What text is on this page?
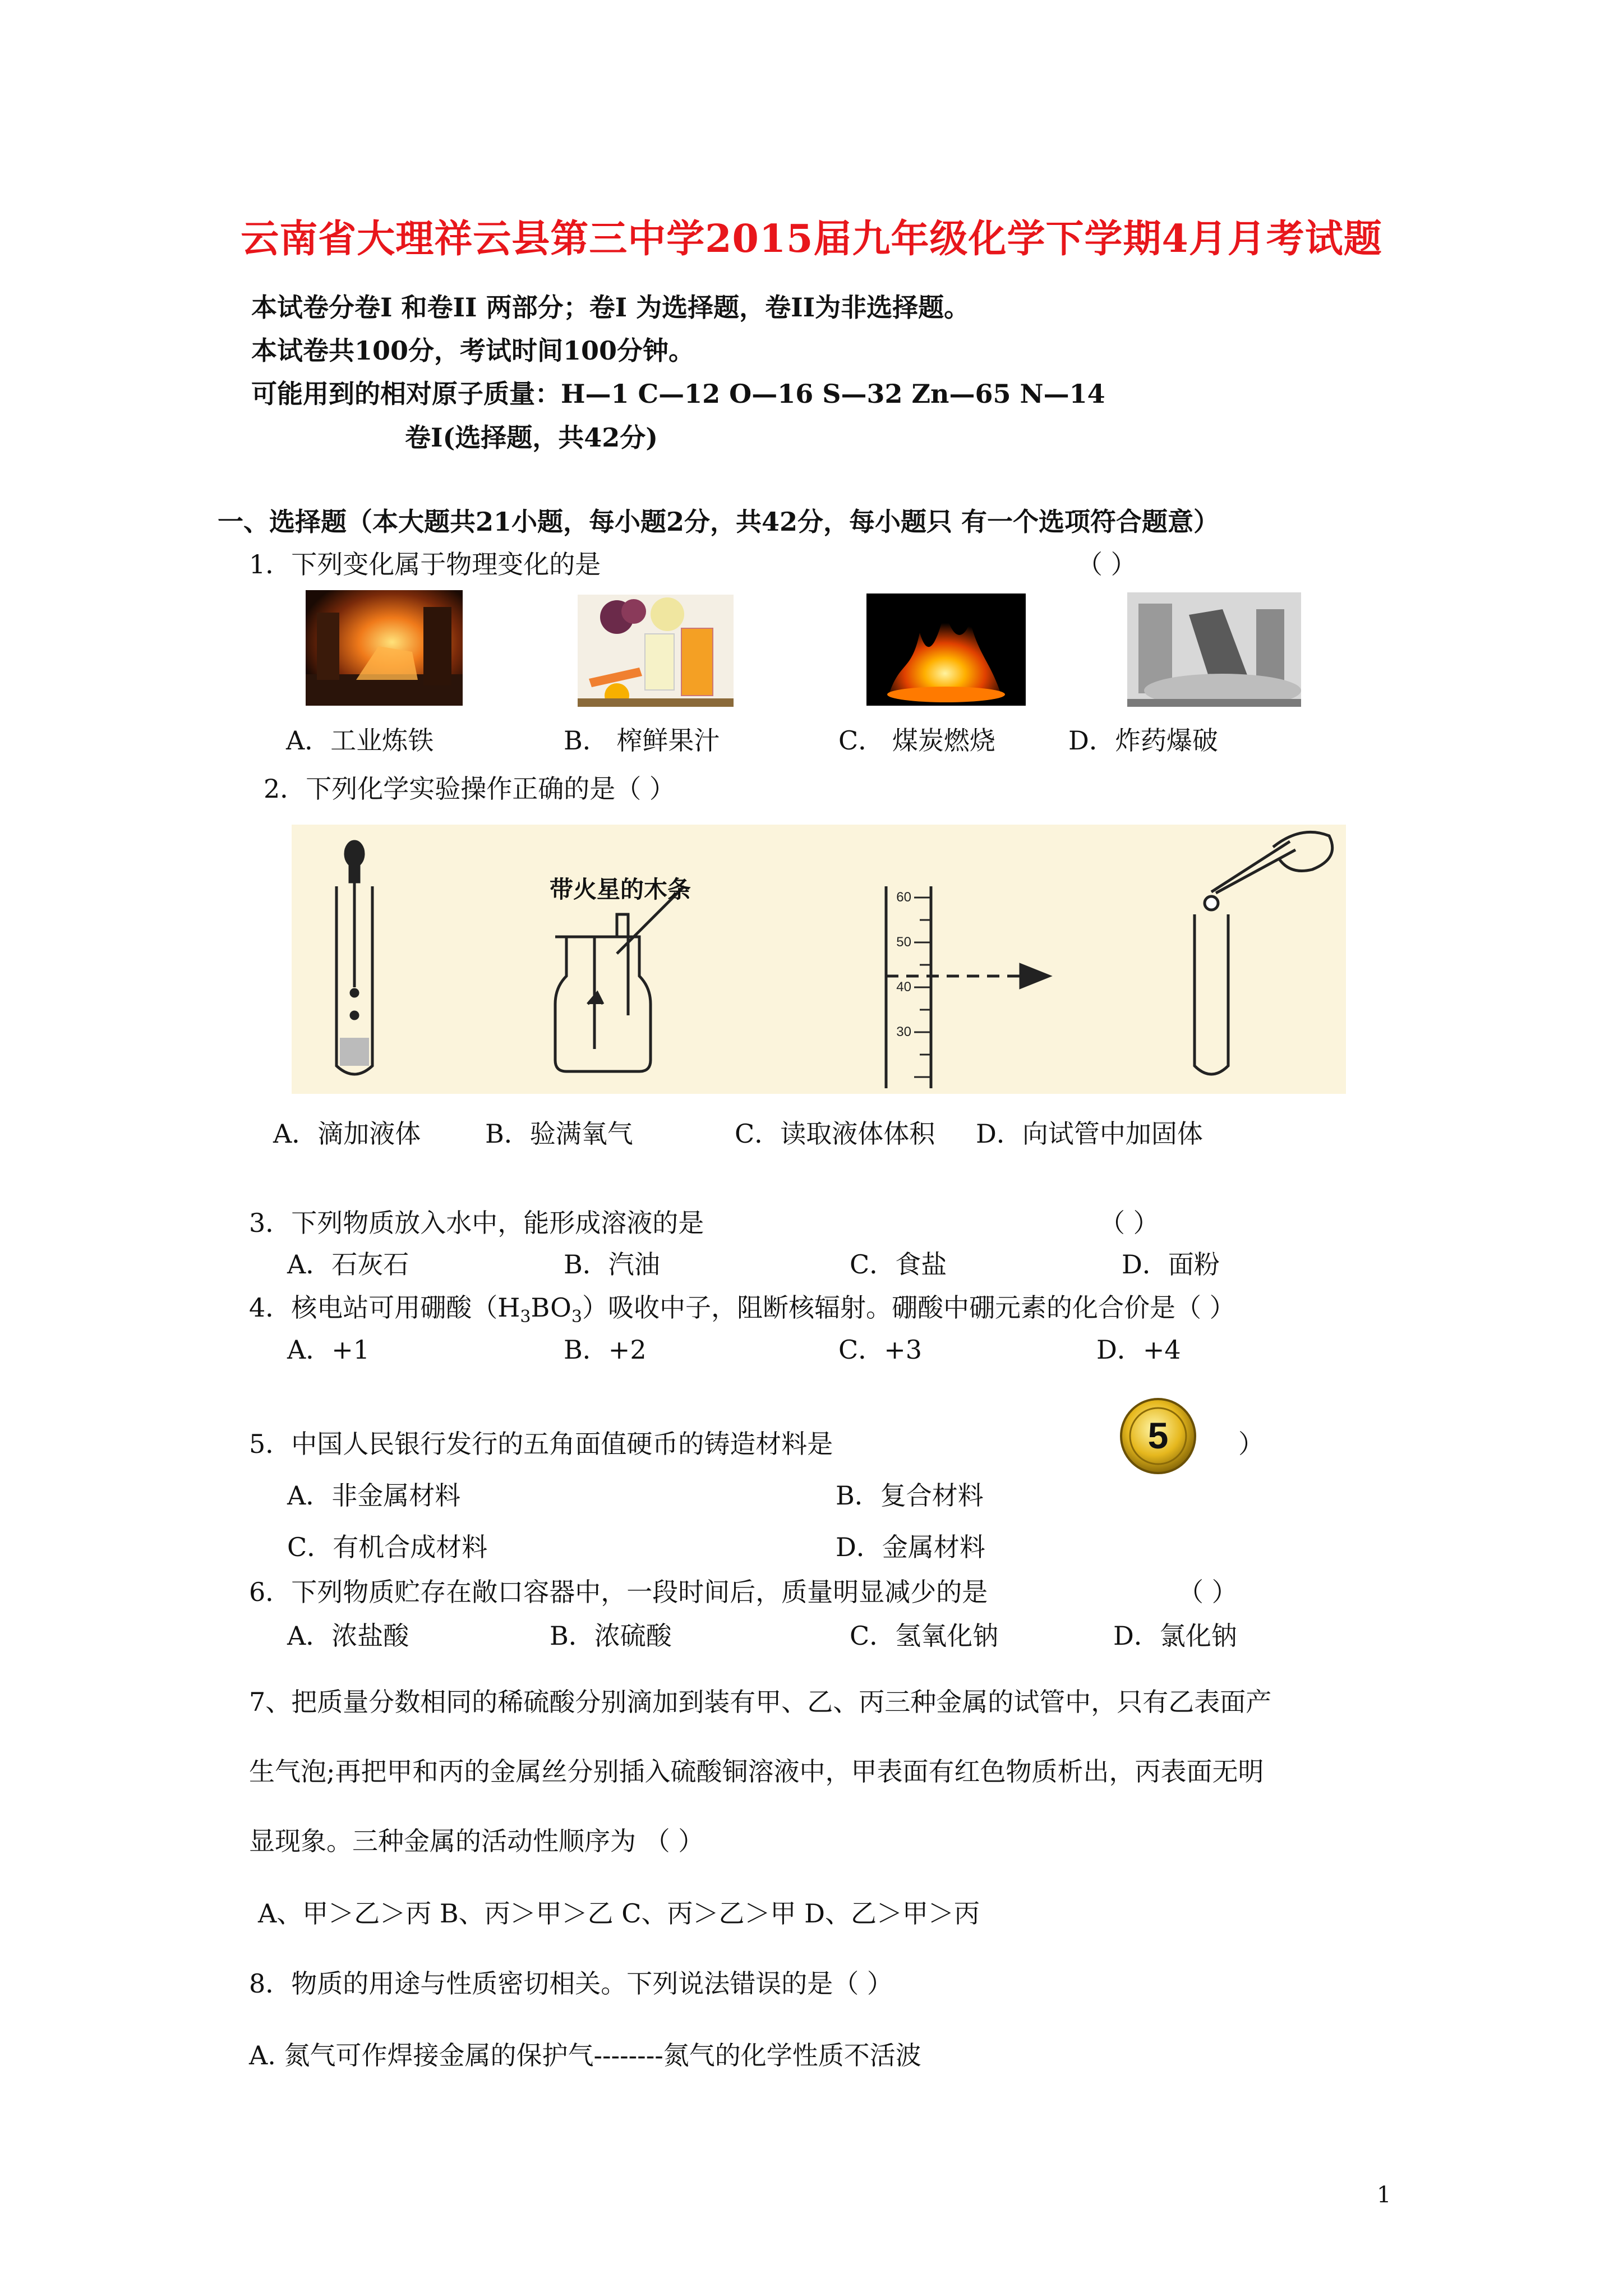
云南省大理祥云县第三中学2015届九年级化学下学期4月月考试题
本试卷分卷Ⅰ 和卷II 两部分；卷Ⅰ 为选择题，卷II为非选择题。
本试卷共100分，考试时间100分钟。
可能用到的相对原子质量：H—1 C—12 O—16 S—32 Zn—65 N—14
卷Ⅰ(选择题，共42分)
一、选择题（本大题共21小题，每小题2分，共42分，每小题只 有一个选项符合题意）
1．下列变化属于物理变化的是	（ ）
A．工业炼铁	B． 榨鲜果汁	C． 煤炭燃烧	D．炸药爆破
2．下列化学实验操作正确的是（ ）
带火星的木条	60
50
40
30
A．滴加液体 B．验满氧气	C．读取液体体积 D．向试管中加固体
3．下列物质放入水中，能形成溶液的是	（ ）
A．石灰石	B．汽油	C．食盐	D．面粉
4．核电站可用硼酸$(H_3BO_3)$吸收中子，阻断核辐射。硼酸中硼元素的化合价是（ ）
A．+1	B．+2	C．+3	D．+4
5．中国人民银行发行的五角面值硬币的铸造材料是	5	）
A．非金属材料	B．复合材料
C．有机合成材料	D．金属材料
6．下列物质贮存在敞口容器中，一段时间后，质量明显减少的是	（ ）
A．浓盐酸	B．浓硫酸	C．氢氧化钠	D．氯化钠
7、把质量分数相同的稀硫酸分别滴加到装有甲、乙、丙三种金属的试管中，只有乙表面产
生气泡;再把甲和丙的金属丝分别插入硫酸铜溶液中，甲表面有红色物质析出，丙表面无明
显现象。三种金属的活动性顺序为 （ ）
A、甲＞乙＞丙 B、丙＞甲＞乙 C、丙＞乙＞甲 D、乙＞甲＞丙
8．物质的用途与性质密切相关。下列说法错误的是（ ）
A. 氮气可作焊接金属的保护气--------氮气的化学性质不活波
1
